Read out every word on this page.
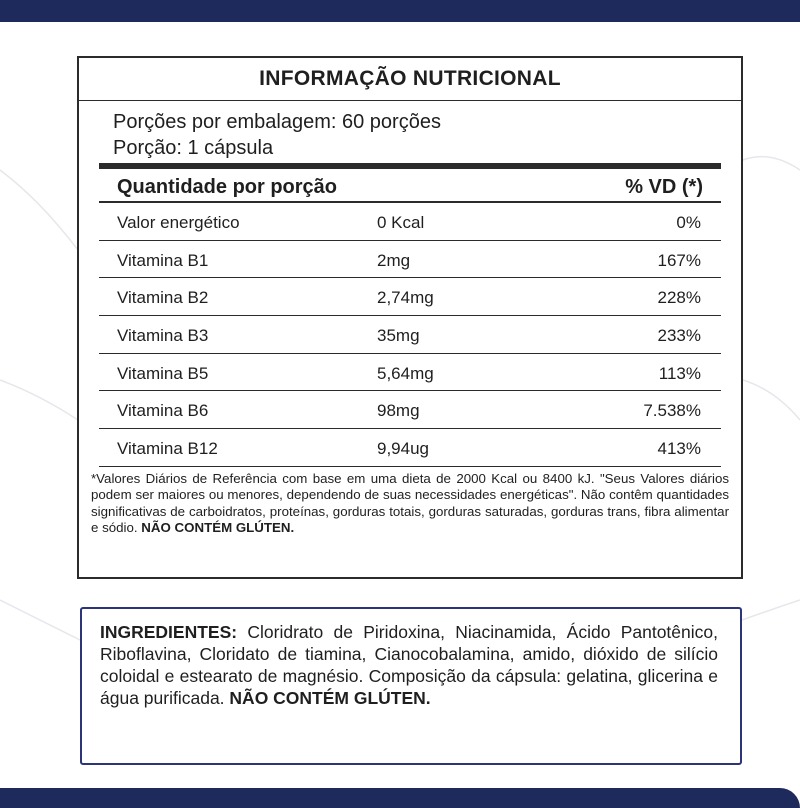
INFORMAÇÃO NUTRICIONAL
Porções por embalagem: 60 porções
Porção: 1 cápsula
Quantidade por porção	% VD (*)
Valor energético	0 Kcal	0%
Vitamina B1	2mg	167%
Vitamina B2	2,74mg	228%
Vitamina B3	35mg	233%
Vitamina B5	5,64mg	113%
Vitamina B6	98mg	7.538%
Vitamina B12	9,94ug	413%
*Valores Diários de Referência com base em uma dieta de 2000 Kcal ou 8400 kJ. "Seus Valores diários podem ser maiores ou menores, dependendo de suas necessidades energéticas". Não contêm quantidades significativas de carboidratos, proteínas, gorduras totais, gorduras saturadas, gorduras trans, fibra alimentar e sódio. NÃO CONTÉM GLÚTEN.
INGREDIENTES: Cloridrato de Piridoxina, Niacinamida, Ácido Pantotênico, Riboflavina, Cloridato de tiamina, Cianocobalamina, amido, dióxido de silício coloidal e estearato de magnésio. Composição da cápsula: gelatina, glicerina e água purificada. NÃO CONTÉM GLÚTEN.
